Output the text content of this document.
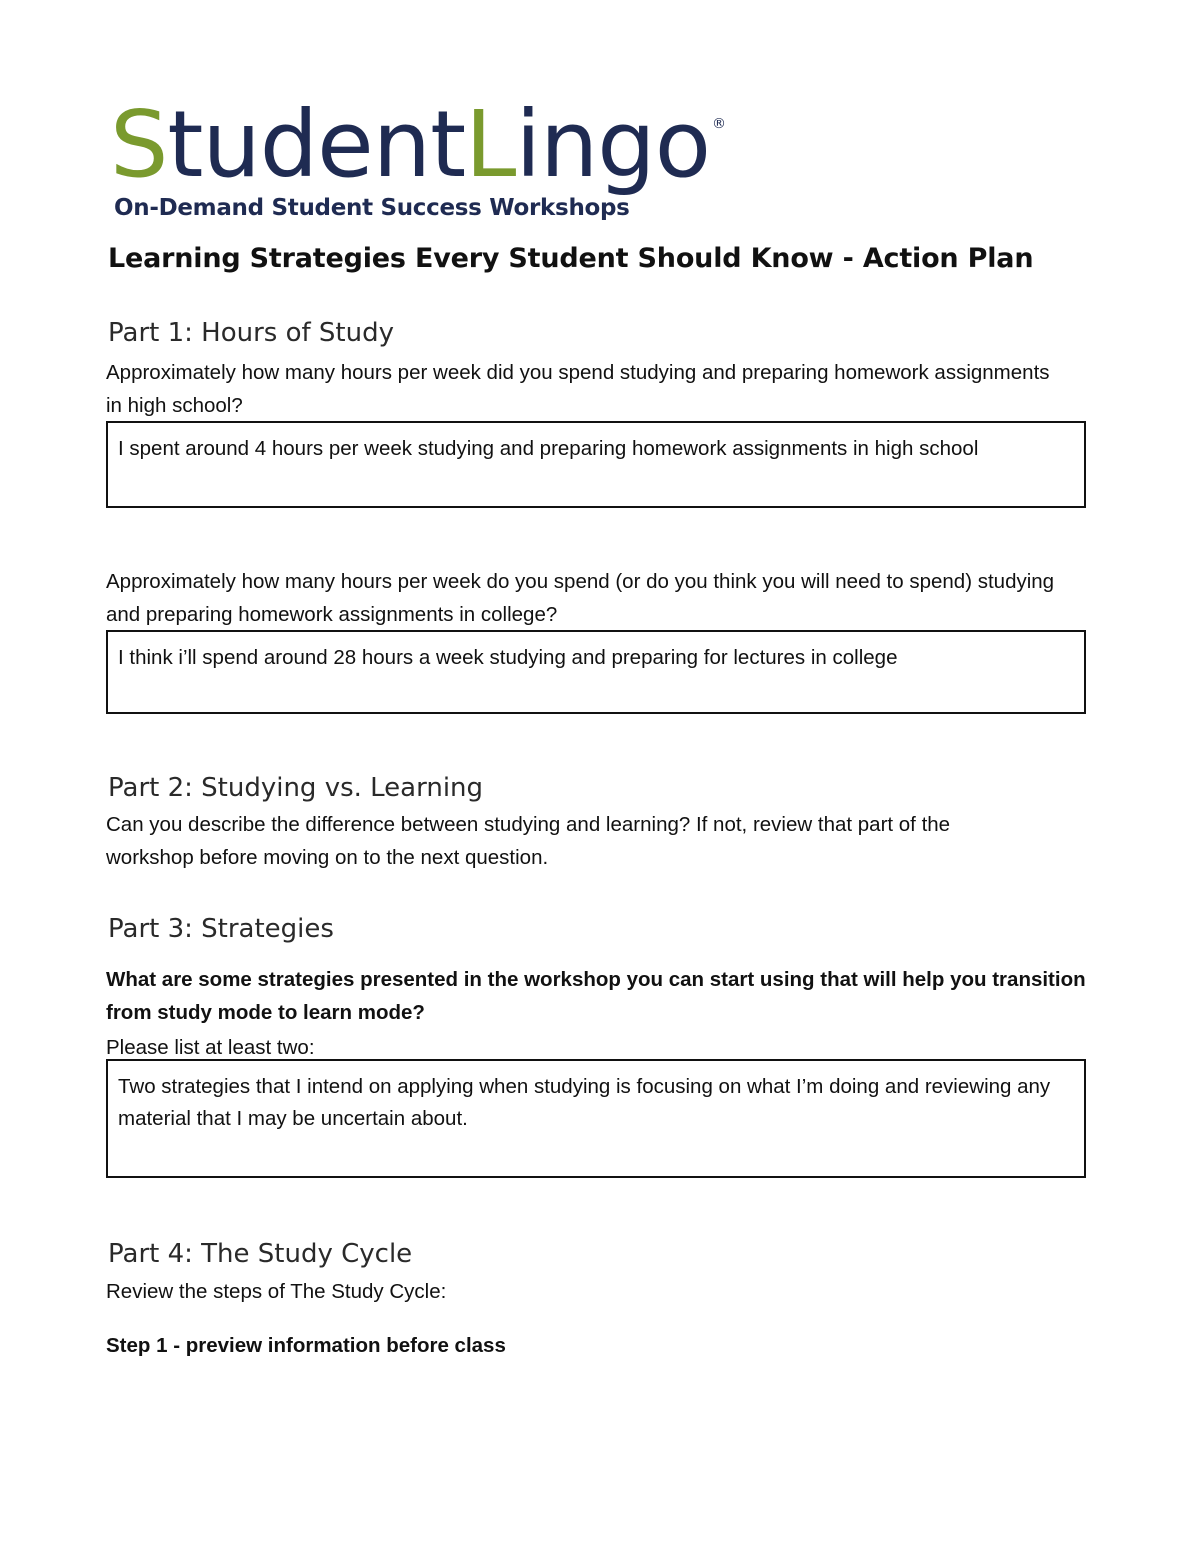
StudentLingo ®
On-Demand Student Success Workshops
Learning Strategies Every Student Should Know - Action Plan
Part 1: Hours of Study
Approximately how many hours per week did you spend studying and preparing homework assignments in high school?
I spent around 4 hours per week studying and preparing homework assignments in high school
Approximately how many hours per week do you spend (or do you think you will need to spend) studying and preparing homework assignments in college?
I think i’ll spend around 28 hours a week studying and preparing for lectures in college
Part 2: Studying vs. Learning
Can you describe the difference between studying and learning? If not, review that part of the workshop before moving on to the next question.
Part 3: Strategies
What are some strategies presented in the workshop you can start using that will help you transition from study mode to learn mode?
Please list at least two:
Two strategies that I intend on applying when studying is focusing on what I’m doing and reviewing any material that I may be uncertain about.
Part 4: The Study Cycle
Review the steps of The Study Cycle:
Step 1 - preview information before class
